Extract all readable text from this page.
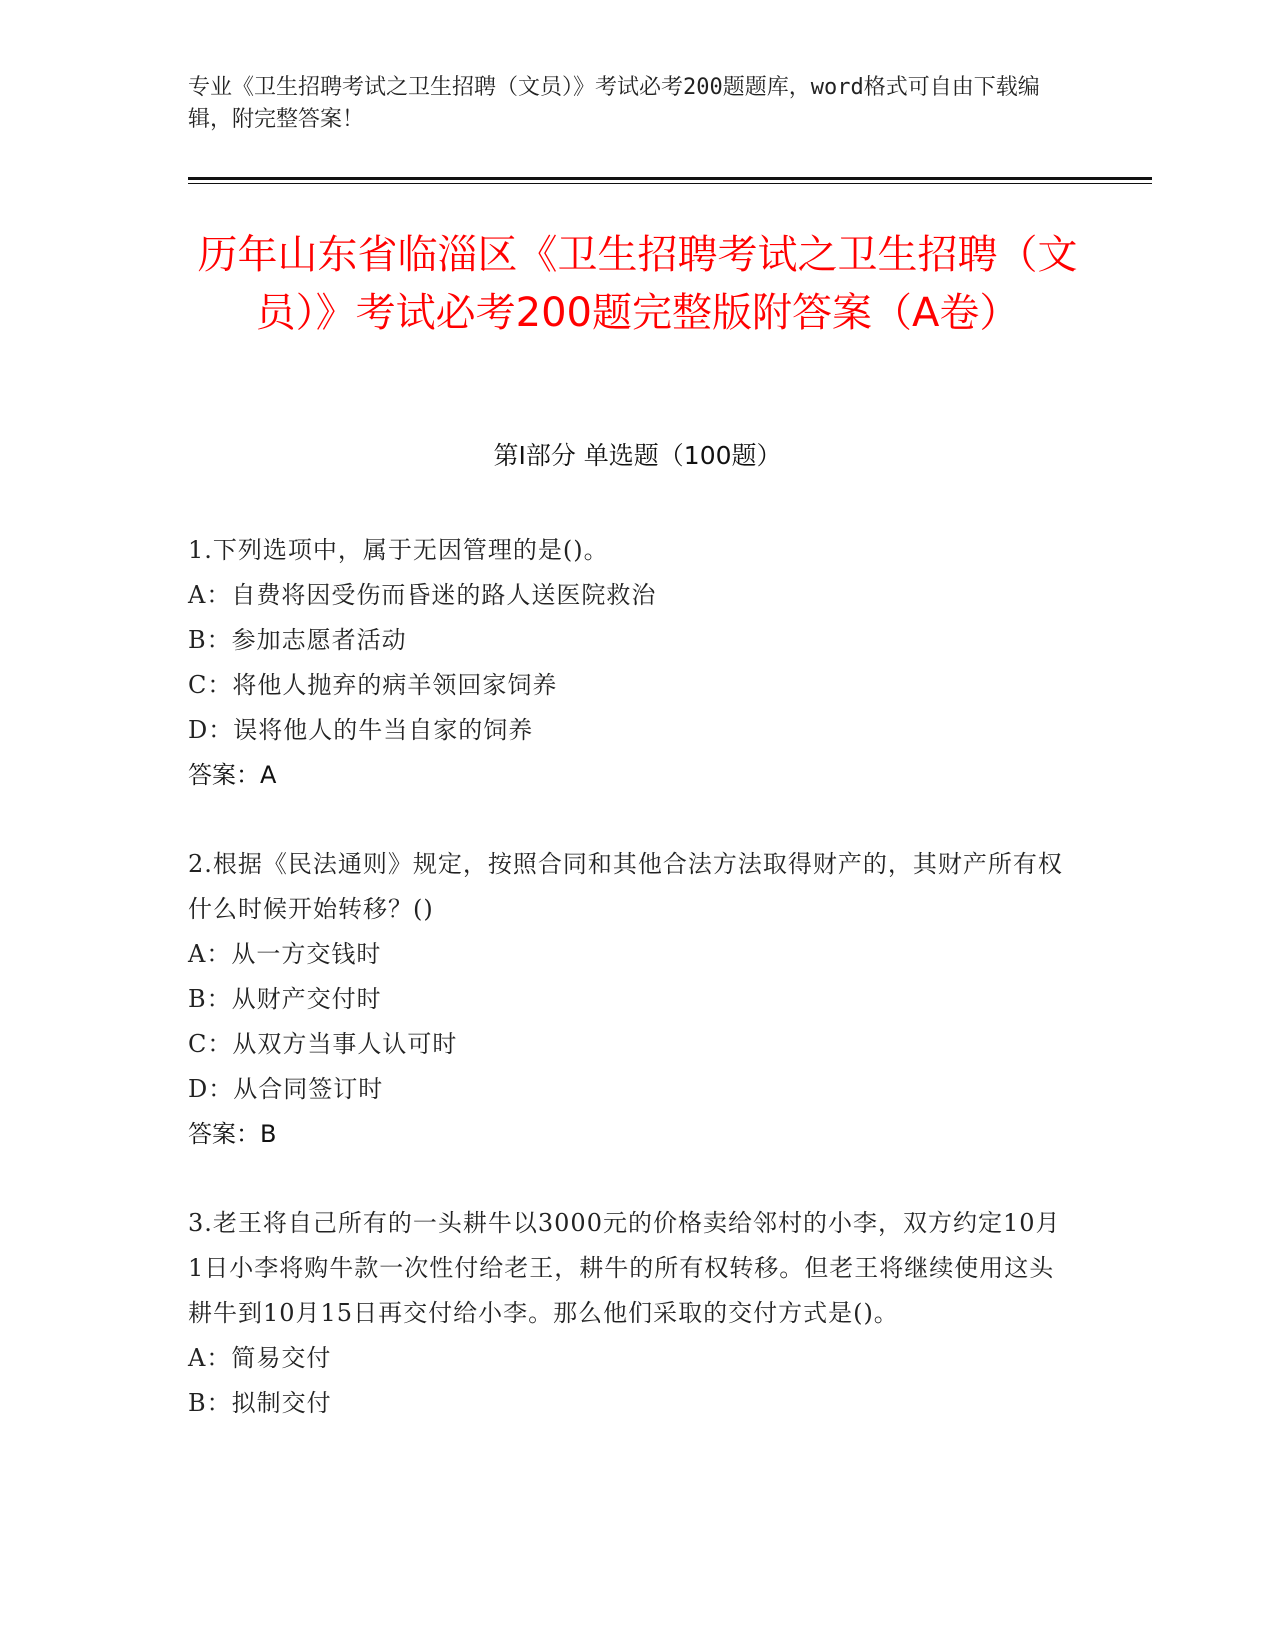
专业《卫生招聘考试之卫生招聘（文员）》考试必考200题题库，word格式可自由下载编辑，附完整答案！
历年山东省临淄区《卫生招聘考试之卫生招聘（文员）》考试必考200题完整版附答案（A卷）
第Ⅰ部分 单选题（100题）
1.下列选项中，属于无因管理的是()。
A：自费将因受伤而昏迷的路人送医院救治
B：参加志愿者活动
C：将他人抛弃的病羊领回家饲养
D：误将他人的牛当自家的饲养
答案：A
2.根据《民法通则》规定，按照合同和其他合法方法取得财产的，其财产所有权什么时候开始转移？()
A：从一方交钱时
B：从财产交付时
C：从双方当事人认可时
D：从合同签订时
答案：B
3.老王将自己所有的一头耕牛以3000元的价格卖给邻村的小李，双方约定10月1日小李将购牛款一次性付给老王，耕牛的所有权转移。但老王将继续使用这头耕牛到10月15日再交付给小李。那么他们采取的交付方式是()。
A：简易交付
B：拟制交付
